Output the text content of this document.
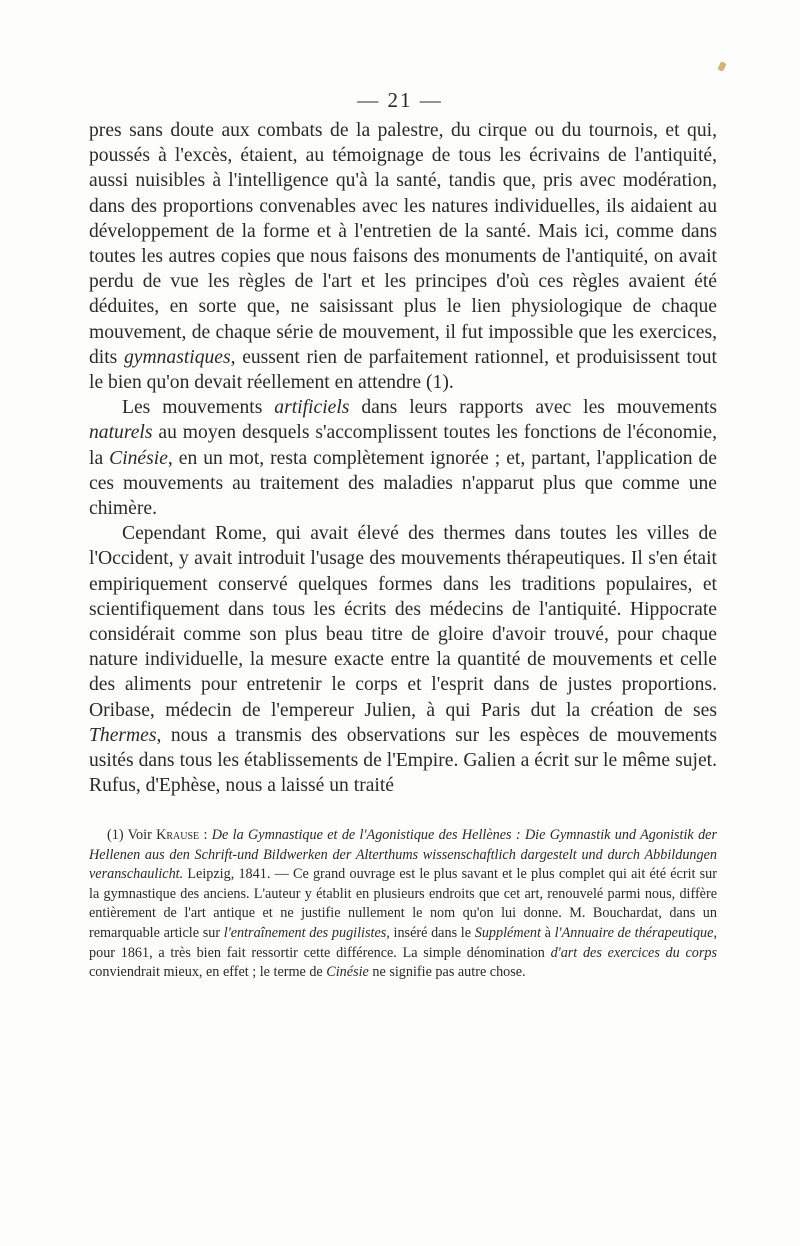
— 21 —

pres sans doute aux combats de la palestre, du cirque ou du tournois, et qui, poussés à l'excès, étaient, au témoignage de tous les écrivains de l'antiquité, aussi nuisibles à l'intelligence qu'à la santé, tandis que, pris avec modération, dans des proportions convenables avec les natures individuelles, ils aidaient au développement de la forme et à l'entretien de la santé. Mais ici, comme dans toutes les autres copies que nous faisons des monuments de l'antiquité, on avait perdu de vue les règles de l'art et les principes d'où ces règles avaient été déduites, en sorte que, ne saisissant plus le lien physiologique de chaque mouvement, de chaque série de mouvement, il fut impossible que les exercices, dits gymnastiques, eussent rien de parfaitement rationnel, et produisissent tout le bien qu'on devait réellement en attendre (1).

Les mouvements artificiels dans leurs rapports avec les mouvements naturels au moyen desquels s'accomplissent toutes les fonctions de l'économie, la Cinésie, en un mot, resta complètement ignorée ; et, partant, l'application de ces mouvements au traitement des maladies n'apparut plus que comme une chimère.

Cependant Rome, qui avait élevé des thermes dans toutes les villes de l'Occident, y avait introduit l'usage des mouvements thérapeutiques. Il s'en était empiriquement conservé quelques formes dans les traditions populaires, et scientifiquement dans tous les écrits des médecins de l'antiquité. Hippocrate considérait comme son plus beau titre de gloire d'avoir trouvé, pour chaque nature individuelle, la mesure exacte entre la quantité de mouvements et celle des aliments pour entretenir le corps et l'esprit dans de justes proportions. Oribase, médecin de l'empereur Julien, à qui Paris dut la création de ses Thermes, nous a transmis des observations sur les espèces de mouvements usités dans tous les établissements de l'Empire. Galien a écrit sur le même sujet. Rufus, d'Ephèse, nous a laissé un traité

(1) Voir Krause : De la Gymnastique et de l'Agonistique des Hellènes : Die Gymnastik und Agonistik der Hellenen aus den Schrift-und Bildwerken der Alterthums wissenschaftlich dargestelt und durch Abbildungen veranschaulicht. Leipzig, 1841. — Ce grand ouvrage est le plus savant et le plus complet qui ait été écrit sur la gymnastique des anciens. L'auteur y établit en plusieurs endroits que cet art, renouvelé parmi nous, diffère entièrement de l'art antique et ne justifie nullement le nom qu'on lui donne. M. Bouchardat, dans un remarquable article sur l'entraînement des pugilistes, inséré dans le Supplément à l'Annuaire de thérapeutique, pour 1861, a très bien fait ressortir cette différence. La simple dénomination d'art des exercices du corps conviendrait mieux, en effet ; le terme de Cinésie ne signifie pas autre chose.
